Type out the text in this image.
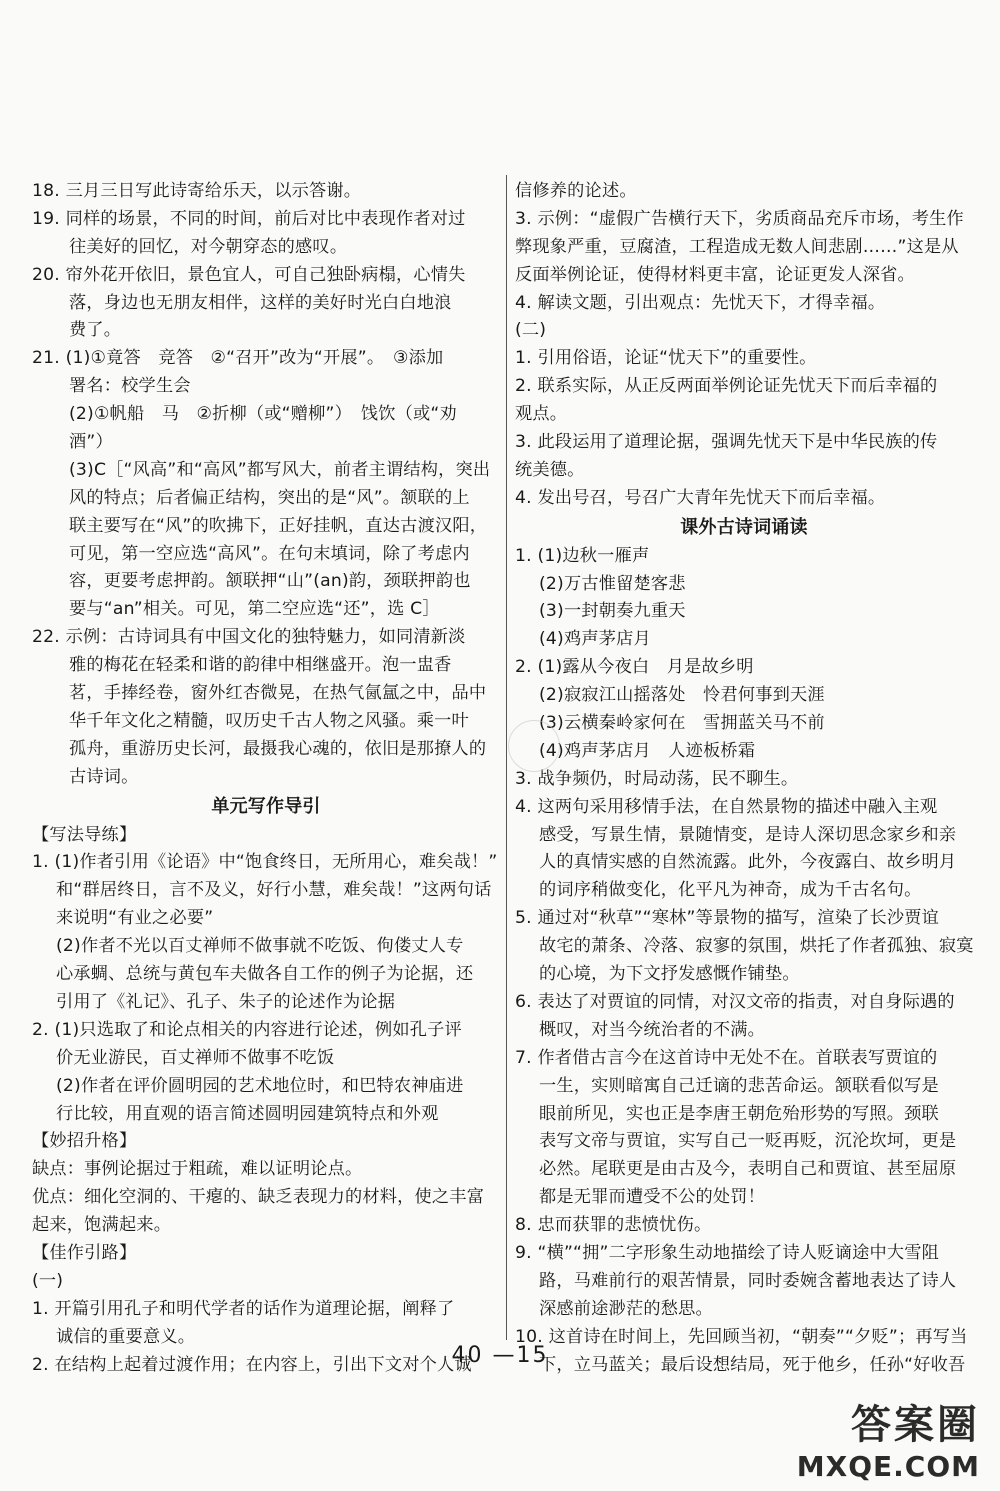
18. 三月三日写此诗寄给乐天，以示答谢。
19. 同样的场景，不同的时间，前后对比中表现作者对过
往美好的回忆，对今朝穿态的感叹。
20. 帘外花开依旧，景色宜人，可自己独卧病榻，心情失
落，身边也无朋友相伴，这样的美好时光白白地浪
费了。
21. (1)①竟答　竞答　②“召开”改为“开展”。　③添加
署名：校学生会
(2)①帆船　马　②折柳（或“赠柳”）　饯饮（或“劝
酒”）
(3)C［“风高”和“高风”都写风大，前者主谓结构，突出
风的特点；后者偏正结构，突出的是“风”。颔联的上
联主要写在“风”的吹拂下，正好挂帆，直达古渡汉阳，
可见，第一空应选“高风”。在句末填词，除了考虑内
容，更要考虑押韵。颔联押“山”(an)韵，颈联押韵也
要与“an”相关。可见，第二空应选“还”，选 C］
22. 示例：古诗词具有中国文化的独特魅力，如同清新淡
雅的梅花在轻柔和谐的韵律中相继盛开。泡一盅香
茗，手捧经卷，窗外红杏微晃，在热气氤氲之中，品中
华千年文化之精髓，叹历史千古人物之风骚。乘一叶
孤舟，重游历史长河，最摄我心魂的，依旧是那撩人的
古诗词。
单元写作导引
【写法导练】
1. (1)作者引用《论语》中“饱食终日，无所用心，难矣哉！”
和“群居终日，言不及义，好行小慧，难矣哉！”这两句话
来说明“有业之必要”
(2)作者不光以百丈禅师不做事就不吃饭、佝偻丈人专
心承蜩、总统与黄包车夫做各自工作的例子为论据，还
引用了《礼记》、孔子、朱子的论述作为论据
2. (1)只选取了和论点相关的内容进行论述，例如孔子评
价无业游民，百丈禅师不做事不吃饭
(2)作者在评价圆明园的艺术地位时，和巴特农神庙进
行比较，用直观的语言简述圆明园建筑特点和外观
【妙招升格】
缺点：事例论据过于粗疏，难以证明论点。
优点：细化空洞的、干瘪的、缺乏表现力的材料，使之丰富
起来，饱满起来。
【佳作引路】
(一)
1. 开篇引用孔子和明代学者的话作为道理论据，阐释了
诚信的重要意义。
2. 在结构上起着过渡作用；在内容上，引出下文对个人诚
信修养的论述。
3. 示例：“虚假广告横行天下，劣质商品充斥市场，考生作
弊现象严重，豆腐渣，工程造成无数人间悲剧……”这是从
反面举例论证，使得材料更丰富，论证更发人深省。
4. 解读文题，引出观点：先忧天下，才得幸福。
(二)
1. 引用俗语，论证“忧天下”的重要性。
2. 联系实际，从正反两面举例论证先忧天下而后幸福的
观点。
3. 此段运用了道理论据，强调先忧天下是中华民族的传
统美德。
4. 发出号召，号召广大青年先忧天下而后幸福。
课外古诗词诵读
1. (1)边秋一雁声
(2)万古惟留楚客悲
(3)一封朝奏九重天
(4)鸡声茅店月
2. (1)露从今夜白　月是故乡明
(2)寂寂江山摇落处　怜君何事到天涯
(3)云横秦岭家何在　雪拥蓝关马不前
(4)鸡声茅店月　人迹板桥霜
3. 战争频仍，时局动荡，民不聊生。
4. 这两句采用移情手法，在自然景物的描述中融入主观
感受，写景生情，景随情变，是诗人深切思念家乡和亲
人的真情实感的自然流露。此外，今夜露白、故乡明月
的词序稍做变化，化平凡为神奇，成为千古名句。
5. 通过对“秋草”“寒林”等景物的描写，渲染了长沙贾谊
故宅的萧条、冷落、寂寥的氛围，烘托了作者孤独、寂寞
的心境，为下文抒发感慨作铺垫。
6. 表达了对贾谊的同情，对汉文帝的指责，对自身际遇的
概叹，对当今统治者的不满。
7. 作者借古言今在这首诗中无处不在。首联表写贾谊的
一生，实则暗寓自己迁谪的悲苦命运。颔联看似写是
眼前所见，实也正是李唐王朝危殆形势的写照。颈联
表写文帝与贾谊，实写自己一贬再贬，沉沦坎坷，更是
必然。尾联更是由古及今，表明自己和贾谊、甚至屈原
都是无罪而遭受不公的处罚！
8. 忠而获罪的悲愤忧伤。
9. “横”“拥”二字形象生动地描绘了诗人贬谪途中大雪阻
路，马难前行的艰苦情景，同时委婉含蓄地表达了诗人
深感前途渺茫的愁思。
10. 这首诗在时间上，先回顾当初，“朝奏”“夕贬”；再写当
下，立马蓝关；最后设想结局，死于他乡，任孙“好收吾
40 —15
答案圈
MXQE.COM
